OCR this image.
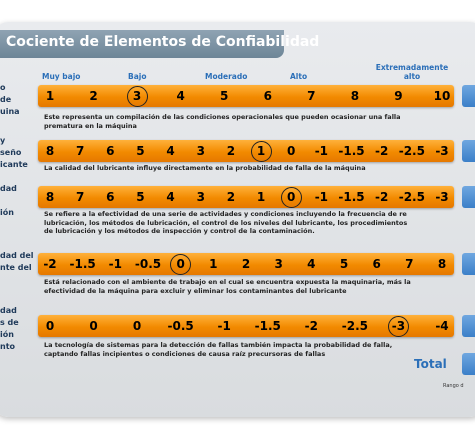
Cociente de Elementos de Confiabilidad
Muy bajo	Bajo	Moderado	Alto
Extremadamente alto
o
de
uina
1	2	3	4	5	6	7	8	9	10
Este representa un compilación de las condiciones operacionales que pueden ocasionar una falla prematura en la máquina
y
seño
icante
8	7	6	5	4	3	2	1	0	-1 -1.5 -2 -2.5 -3
La calidad del lubricante influye directamente en la probabilidad de falla de la máquina
dad

ión
8	7	6	5	4	3	2	1	0	-1 -1.5 -2 -2.5 -3
Se refiere a la efectividad de una serie de actividades y condiciones incluyendo la frecuencia de re lubricación, los métodos de lubricación, el control de los niveles del lubricante, los procedimientos de lubricación y los métodos de inspección y control de la contaminación.
dad del
nte del -2	-1.5	-1	-0.5	0	1	2	3	4	5	6	7	8
Está relacionado con el ambiente de trabajo en el cual se encuentra expuesta la maquinaria, más la efectividad de la máquina para excluir y eliminar los contaminantes del lubricante
dad
s de
ión
nto
0	0	0	-0.5	-1	-1.5	-2	-2.5	-3	-4
La tecnología de sistemas para la detección de fallas también impacta la probabilidad de falla, captando fallas incipientes o condiciones de causa raíz precursoras de fallas
Total
Rango d
